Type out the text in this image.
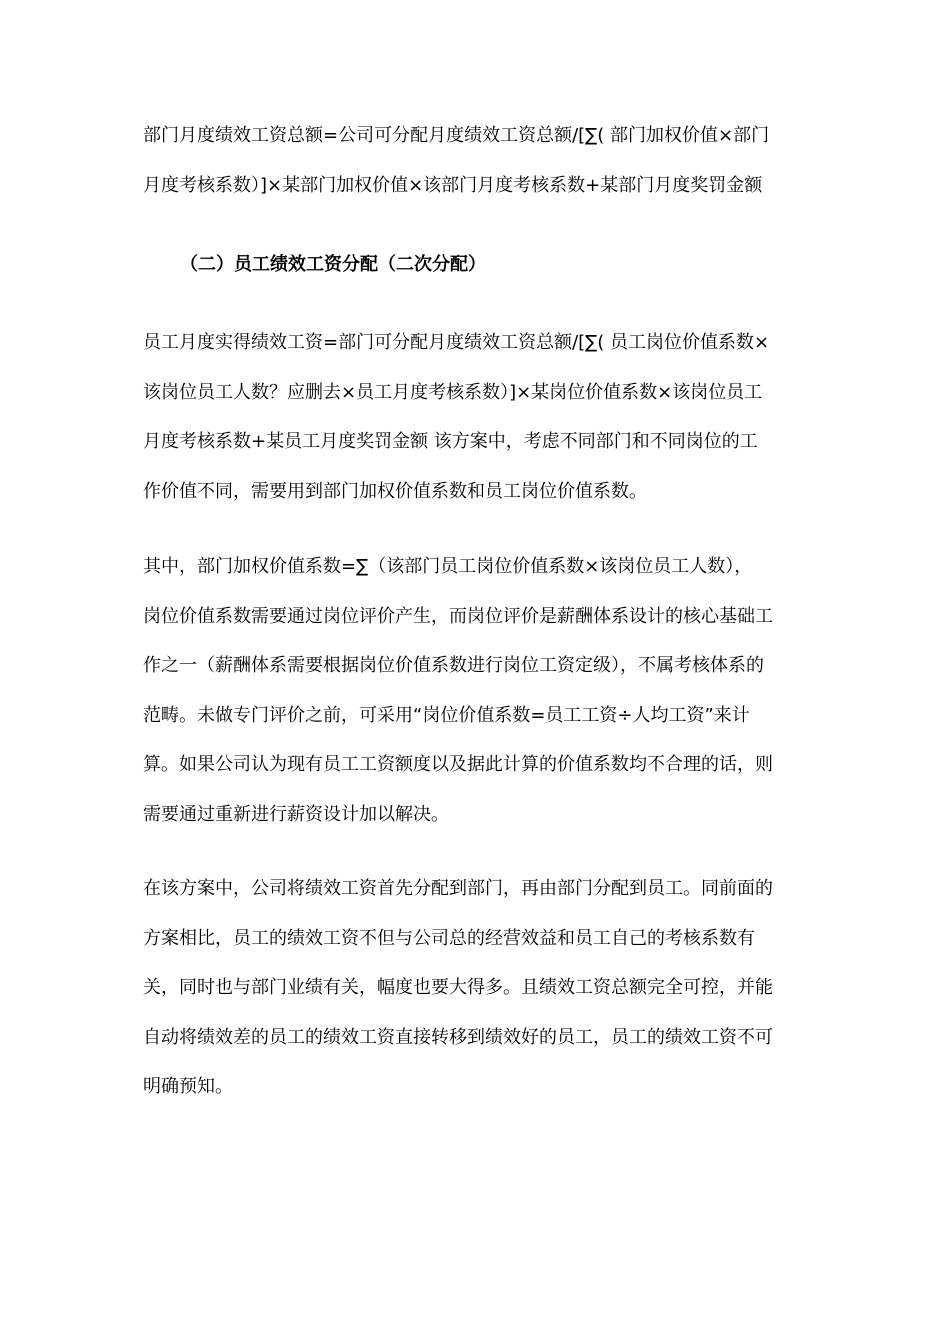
部门月度绩效工资总额=公司可分配月度绩效工资总额/[∑( 部门加权价值×部门
月度考核系数）]×某部门加权价值×该部门月度考核系数+某部门月度奖罚金额

（二）员工绩效工资分配（二次分配）

员工月度实得绩效工资=部门可分配月度绩效工资总额/[∑( 员工岗位价值系数×
该岗位员工人数？应删去×员工月度考核系数）]×某岗位价值系数×该岗位员工
月度考核系数+某员工月度奖罚金额 该方案中，考虑不同部门和不同岗位的工
作价值不同，需要用到部门加权价值系数和员工岗位价值系数。

其中，部门加权价值系数=∑（该部门员工岗位价值系数×该岗位员工人数），
岗位价值系数需要通过岗位评价产生，而岗位评价是薪酬体系设计的核心基础工
作之一（薪酬体系需要根据岗位价值系数进行岗位工资定级），不属考核体系的
范畴。未做专门评价之前，可采用“岗位价值系数=员工工资÷人均工资”来计
算。如果公司认为现有员工工资额度以及据此计算的价值系数均不合理的话，则
需要通过重新进行薪资设计加以解决。

在该方案中，公司将绩效工资首先分配到部门，再由部门分配到员工。同前面的
方案相比，员工的绩效工资不但与公司总的经营效益和员工自己的考核系数有
关，同时也与部门业绩有关，幅度也要大得多。且绩效工资总额完全可控，并能
自动将绩效差的员工的绩效工资直接转移到绩效好的员工，员工的绩效工资不可
明确预知。
